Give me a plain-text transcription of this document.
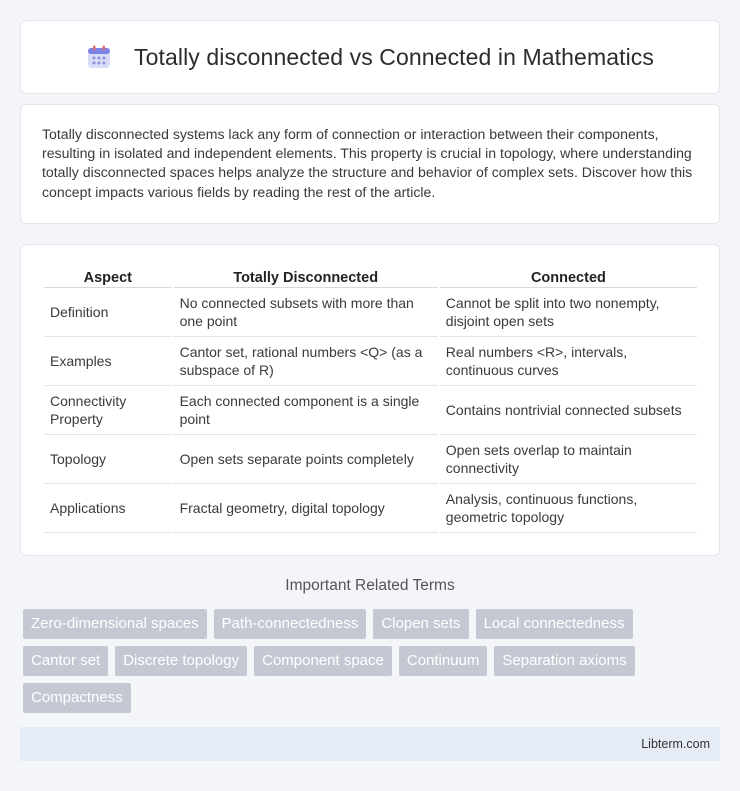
Totally disconnected vs Connected in Mathematics

Totally disconnected systems lack any form of connection or interaction between their components, resulting in isolated and independent elements. This property is crucial in topology, where understanding totally disconnected spaces helps analyze the structure and behavior of complex sets. Discover how this concept impacts various fields by reading the rest of the article.

Aspect	Totally Disconnected	Connected
Definition	No connected subsets with more than one point	Cannot be split into two nonempty, disjoint open sets
Examples	Cantor set, rational numbers <Q> (as a subspace of R)	Real numbers <R>, intervals, continuous curves
Connectivity Property	Each connected component is a single point	Contains nontrivial connected subsets
Topology	Open sets separate points completely	Open sets overlap to maintain connectivity
Applications	Fractal geometry, digital topology	Analysis, continuous functions, geometric topology
Important Related Terms
Zero-dimensional spaces	Path-connectedness	Clopen sets	Local connectedness
Cantor set	Discrete topology	Component space	Continuum	Separation axioms
Compactness
Libterm.com
